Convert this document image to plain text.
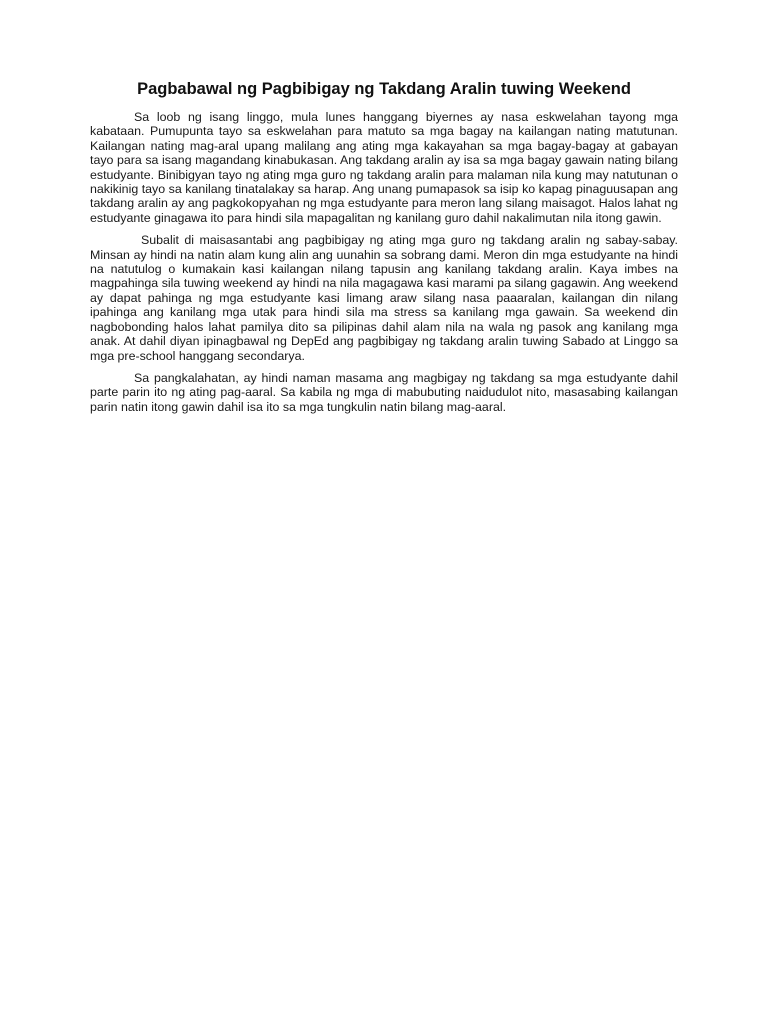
Pagbabawal ng Pagbibigay ng Takdang Aralin tuwing Weekend

Sa loob ng isang linggo, mula lunes hanggang biyernes ay nasa eskwelahan tayong mga kabataan. Pumupunta tayo sa eskwelahan para matuto sa mga bagay na kailangan nating matutunan. Kailangan nating mag-aral upang malilang ang ating mga kakayahan sa mga bagay-bagay at gabayan tayo para sa isang magandang kinabukasan. Ang takdang aralin ay isa sa mga bagay gawain nating bilang estudyante. Binibigyan tayo ng ating mga guro ng takdang aralin para malaman nila kung may natutunan o nakikinig tayo sa kanilang tinatalakay sa harap. Ang unang pumapasok sa isip ko kapag pinaguusapan ang takdang aralin ay ang pagkokopyahan ng mga estudyante para meron lang silang maisagot. Halos lahat ng estudyante ginagawa ito para hindi sila mapagalitan ng kanilang guro dahil nakalimutan nila itong gawin.

Subalit di maisasantabi ang pagbibigay ng ating mga guro ng takdang aralin ng sabay-sabay. Minsan ay hindi na natin alam kung alin ang uunahin sa sobrang dami. Meron din mga estudyante na hindi na natutulog o kumakain kasi kailangan nilang tapusin ang kanilang takdang aralin. Kaya imbes na magpahinga sila tuwing weekend ay hindi na nila magagawa kasi marami pa silang gagawin. Ang weekend ay dapat pahinga ng mga estudyante kasi limang araw silang nasa paaaralan, kailangan din nilang ipahinga ang kanilang mga utak para hindi sila ma stress sa kanilang mga gawain. Sa weekend din nagbobonding halos lahat pamilya dito sa pilipinas dahil alam nila na wala ng pasok ang kanilang mga anak. At dahil diyan ipinagbawal ng DepEd ang pagbibigay ng takdang aralin tuwing Sabado at Linggo sa mga pre-school hanggang secondarya.

Sa pangkalahatan, ay hindi naman masama ang magbigay ng takdang sa mga estudyante dahil parte parin ito ng ating pag-aaral. Sa kabila ng mga di mabubuting naidudulot nito, masasabing kailangan parin natin itong gawin dahil isa ito sa mga tungkulin natin bilang mag-aaral.
